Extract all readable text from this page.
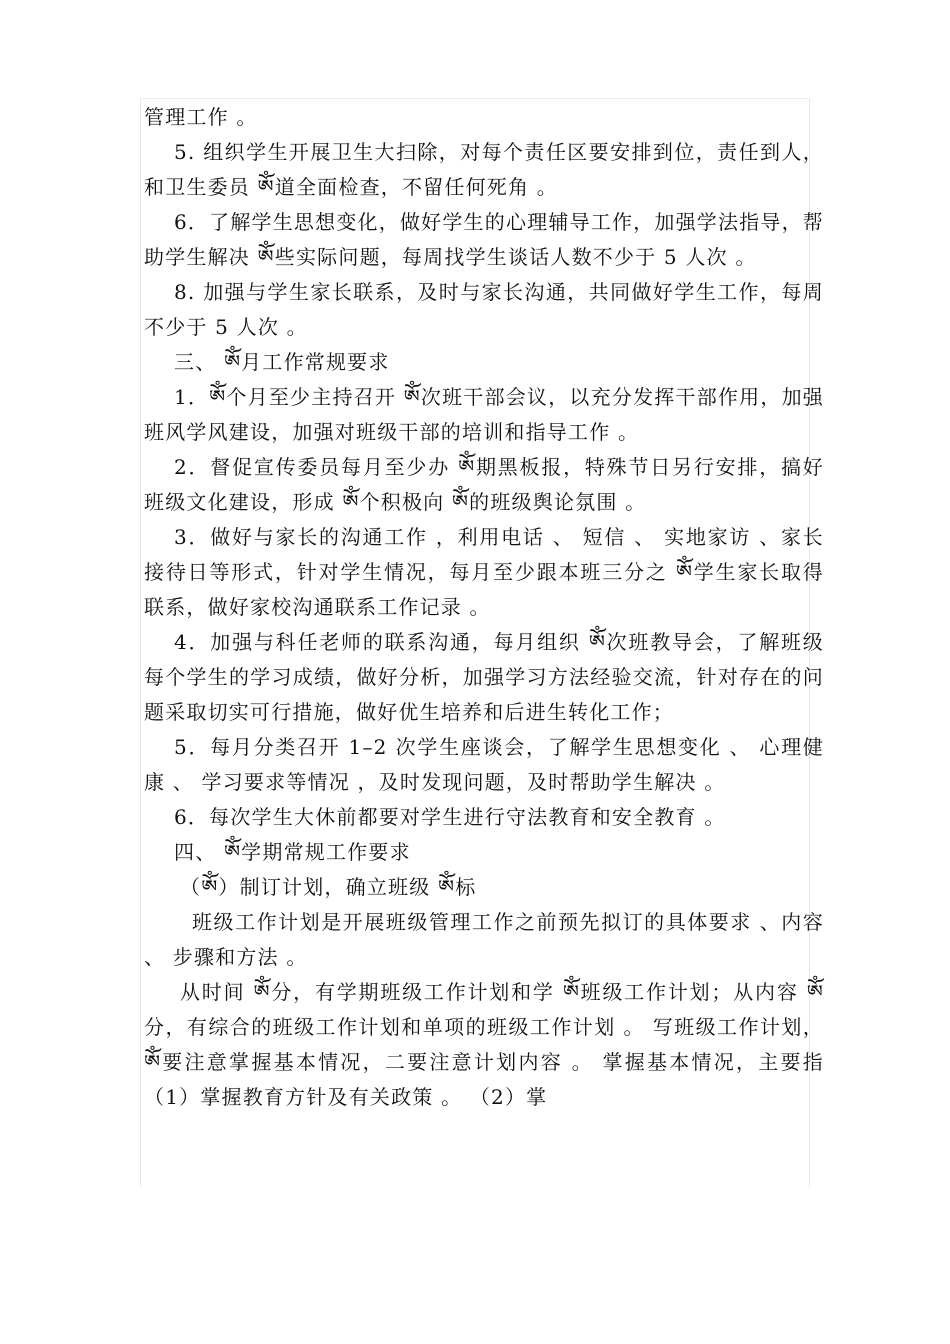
管理工作 。

5. 组织学生开展卫生大扫除，对每个责任区要安排到位，责任到人，和卫生委员 ༀ道全面检查，不留任何死角 。

6．了解学生思想变化，做好学生的心理辅导工作，加强学法指导，帮助学生解决 ༀ些实际问题，每周找学生谈话人数不少于 5 人次 。

8. 加强与学生家长联系，及时与家长沟通，共同做好学生工作，每周不少于 5 人次 。

三、 ༀ月工作常规要求

1．ༀ个月至少主持召开 ༀ次班干部会议，以充分发挥干部作用，加强班风学风建设，加强对班级干部的培训和指导工作 。

2．督促宣传委员每月至少办 ༀ期黑板报，特殊节日另行安排，搞好班级文化建设，形成 ༀ个积极向 ༀ的班级舆论氛围 。

3．做好与家长的沟通工作 ，利用电话 、 短信 、 实地家访 、家长接待日等形式，针对学生情况，每月至少跟本班三分之 ༀ学生家长取得联系，做好家校沟通联系工作记录 。

4．加强与科任老师的联系沟通，每月组织 ༀ次班教导会，了解班级每个学生的学习成绩，做好分析，加强学习方法经验交流，针对存在的问题采取切实可行措施，做好优生培养和后进生转化工作；

5．每月分类召开 1–2 次学生座谈会，了解学生思想变化 、 心理健康 、 学习要求等情况 ，及时发现问题，及时帮助学生解决 。

6．每次学生大休前都要对学生进行守法教育和安全教育 。

四、 ༀ学期常规工作要求

（ༀ）制订计划，确立班级 ༀ标

班级工作计划是开展班级管理工作之前预先拟订的具体要求 、内容 、 步骤和方法 。

从时间 ༀ分，有学期班级工作计划和学 ༀ班级工作计划；从内容 ༀ分，有综合的班级工作计划和单项的班级工作计划 。 写班级工作计划，ༀ要注意掌握基本情况，二要注意计划内容 。 掌握基本情况，主要指（1）掌握教育方针及有关政策 。 （2）掌
